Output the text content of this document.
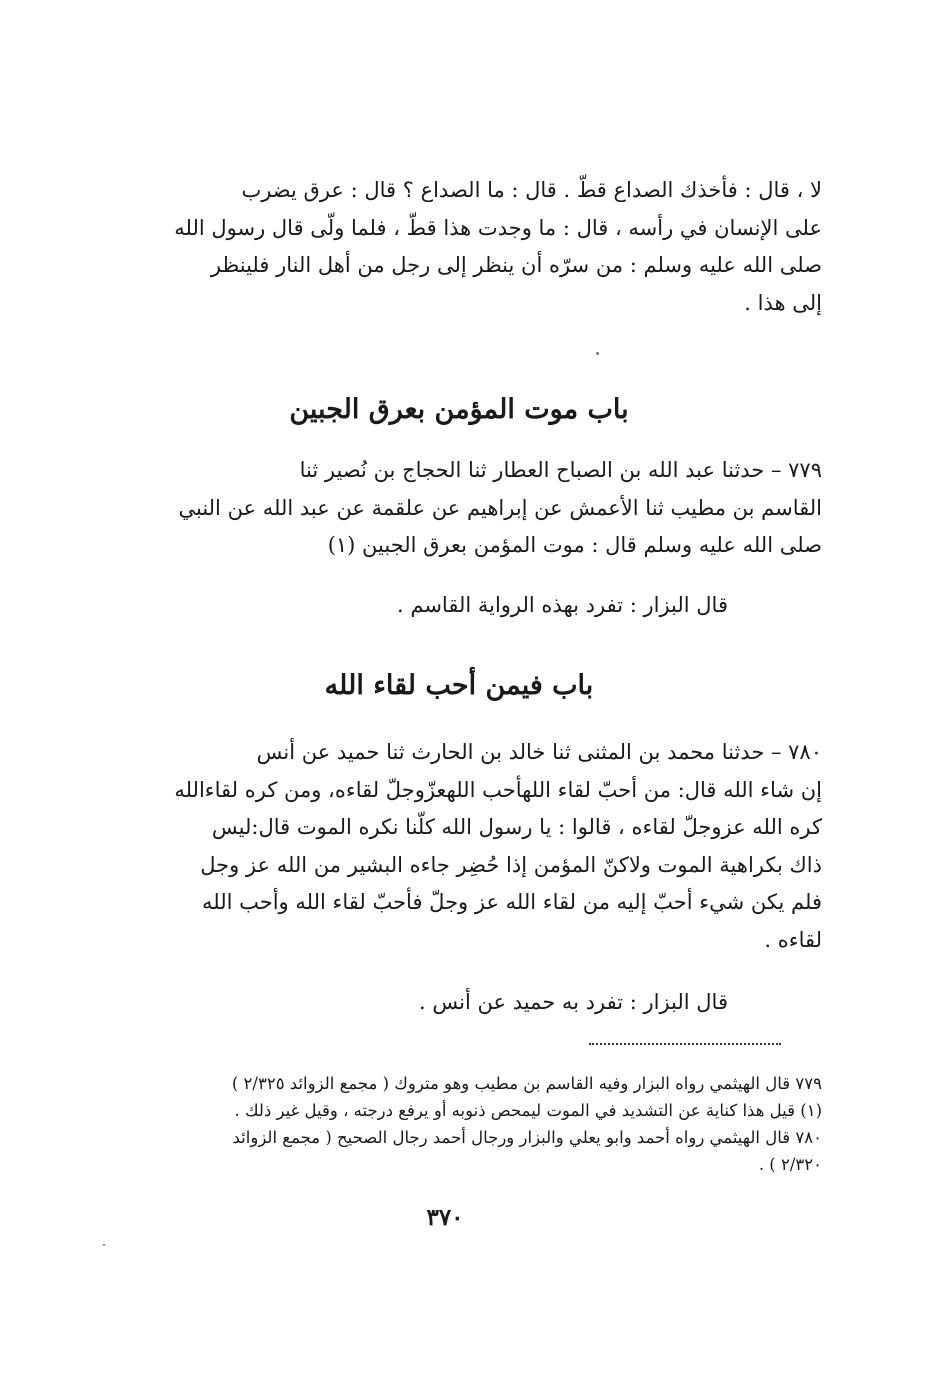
لا ، قال : فأخذك الصداع قطّ . قال : ما الصداع ؟ قال : عرق يضرب
على الإنسان في رأسه ، قال : ما وجدت هذا قطّ ، فلما ولّى قال رسول الله
صلى الله عليه وسلم : من سرّه أن ينظر إلى رجل من أهل النار فلينظر
إلى هذا .
باب موت المؤمن بعرق الجبين
٧٧٩ – حدثنا عبد الله بن الصباح العطار ثنا الحجاج بن نُصير ثنا
القاسم بن مطيب ثنا الأعمش عن إبراهيم عن علقمة عن عبد الله عن النبي
صلى الله عليه وسلم قال : موت المؤمن بعرق الجبين (١)
قال البزار : تفرد بهذه الرواية القاسم .
باب فيمن أحب لقاء الله
٧٨٠ – حدثنا محمد بن المثنى ثنا خالد بن الحارث ثنا حميد عن أنس
إن شاء الله قال: من أحبّ لقاء اللهأحب اللهعزّوجلّ لقاءه، ومن كره لقاءالله
كره الله عزوجلّ لقاءه ، قالوا : يا رسول الله كلّنا نكره الموت قال:ليس
ذاك بكراهية الموت ولاكنّ المؤمن إذا حُضِر جاءه البشير من الله عز وجل
فلم يكن شيء أحبّ إليه من لقاء الله عز وجلّ فأحبّ لقاء الله وأحب الله
لقاءه .
قال البزار : تفرد به حميد عن أنس .
٧٧٩ قال الهيثمي رواه البزار وفيه القاسم بن مطيب وهو متروك ( مجمع الزوائد ٢/٣٢٥ )
(١) قيل هذا كناية عن التشديد في الموت ليمحص ذنوبه أو يرفع درجته ، وقيل غير ذلك .
٧٨٠ قال الهيثمي رواه أحمد وابو يعلي والبزار ورجال أحمد رجال الصحيح ( مجمع الزوائد
٢/٣٢٠ ) .
٣٧٠
